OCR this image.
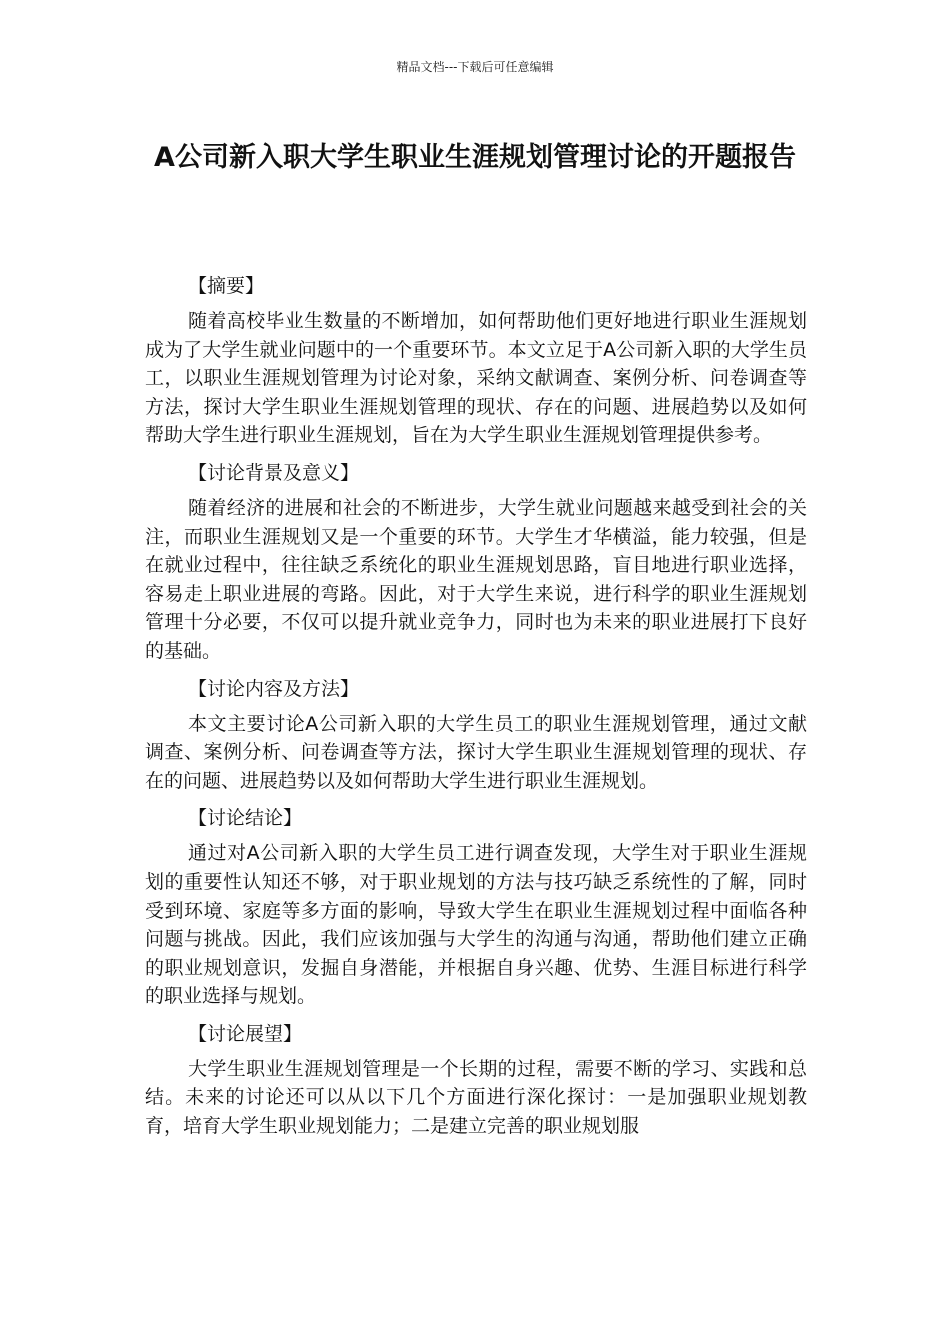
精品文档---下载后可任意编辑
A公司新入职大学生职业生涯规划管理讨论的开题报告
【摘要】
随着高校毕业生数量的不断增加，如何帮助他们更好地进行职业生涯规划成为了大学生就业问题中的一个重要环节。本文立足于A公司新入职的大学生员工，以职业生涯规划管理为讨论对象，采纳文献调查、案例分析、问卷调查等方法，探讨大学生职业生涯规划管理的现状、存在的问题、进展趋势以及如何帮助大学生进行职业生涯规划，旨在为大学生职业生涯规划管理提供参考。
【讨论背景及意义】
随着经济的进展和社会的不断进步，大学生就业问题越来越受到社会的关注，而职业生涯规划又是一个重要的环节。大学生才华横溢，能力较强，但是在就业过程中，往往缺乏系统化的职业生涯规划思路，盲目地进行职业选择，容易走上职业进展的弯路。因此，对于大学生来说，进行科学的职业生涯规划管理十分必要，不仅可以提升就业竞争力，同时也为未来的职业进展打下良好的基础。
【讨论内容及方法】
本文主要讨论A公司新入职的大学生员工的职业生涯规划管理，通过文献调查、案例分析、问卷调查等方法，探讨大学生职业生涯规划管理的现状、存在的问题、进展趋势以及如何帮助大学生进行职业生涯规划。
【讨论结论】
通过对A公司新入职的大学生员工进行调查发现，大学生对于职业生涯规划的重要性认知还不够，对于职业规划的方法与技巧缺乏系统性的了解，同时受到环境、家庭等多方面的影响，导致大学生在职业生涯规划过程中面临各种问题与挑战。因此，我们应该加强与大学生的沟通与沟通，帮助他们建立正确的职业规划意识，发掘自身潜能，并根据自身兴趣、优势、生涯目标进行科学的职业选择与规划。
【讨论展望】
大学生职业生涯规划管理是一个长期的过程，需要不断的学习、实践和总结。未来的讨论还可以从以下几个方面进行深化探讨：一是加强职业规划教育，培育大学生职业规划能力；二是建立完善的职业规划服
